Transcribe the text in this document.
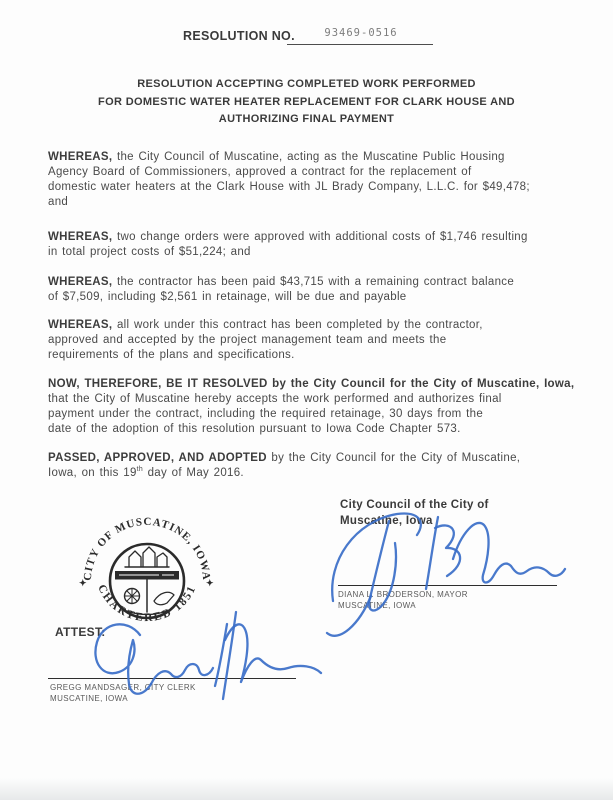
RESOLUTION NO.	93469-0516
RESOLUTION ACCEPTING COMPLETED WORK PERFORMED
FOR DOMESTIC WATER HEATER REPLACEMENT FOR CLARK HOUSE AND
AUTHORIZING FINAL PAYMENT
WHEREAS, the City Council of Muscatine, acting as the Muscatine Public Housing
Agency Board of Commissioners, approved a contract for the replacement of
domestic water heaters at the Clark House with JL Brady Company, L.L.C. for $49,478;
and
WHEREAS, two change orders were approved with additional costs of $1,746 resulting
in total project costs of $51,224; and
WHEREAS, the contractor has been paid $43,715 with a remaining contract balance
of $7,509, including $2,561 in retainage, will be due and payable
WHEREAS, all work under this contract has been completed by the contractor,
approved and accepted by the project management team and meets the
requirements of the plans and specifications.
NOW, THEREFORE, BE IT RESOLVED by the City Council for the City of Muscatine, Iowa,
that the City of Muscatine hereby accepts the work performed and authorizes final
payment under the contract, including the required retainage, 30 days from the
date of the adoption of this resolution pursuant to Iowa Code Chapter 573.
PASSED, APPROVED, AND ADOPTED by the City Council for the City of Muscatine,
Iowa, on this 19th day of May 2016.
City Council of the City of
Muscatine, Iowa
DIANA L. BRODERSON, MAYOR
MUSCATINE, IOWA
CITY OF MUSCATINE, IOWA
CHARTERED 1851
✦	✦
ATTEST:
GREGG MANDSAGER, CITY CLERK
MUSCATINE, IOWA
